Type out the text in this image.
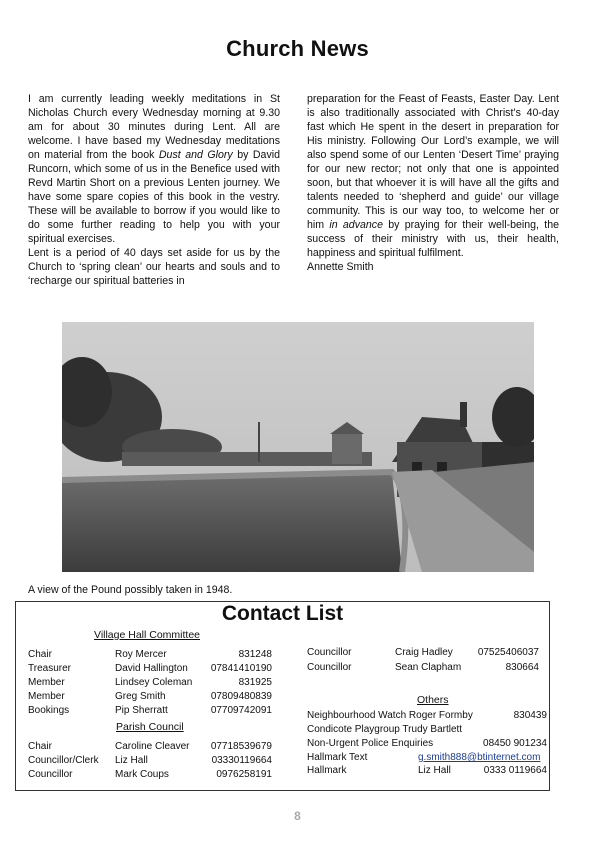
Church News

I am currently leading weekly meditations in St Nicholas Church every Wednesday morning at 9.30 am for about 30 minutes during Lent. All are welcome. I have based my Wednesday meditations on material from the book Dust and Glory by David Runcorn, which some of us in the Benefice used with Revd Martin Short on a previous Lenten journey. We have some spare copies of this book in the vestry. These will be available to borrow if you would like to do some further reading to help you with your spiritual exercises.

Lent is a period of 40 days set aside for us by the Church to ‘spring clean’ our hearts and souls and to ‘recharge our spiritual batteries in

preparation for the Feast of Feasts, Easter Day. Lent is also traditionally associated with Christ’s 40-day fast which He spent in the desert in preparation for His ministry. Following Our Lord’s example, we will also spend some of our Lenten ‘Desert Time’ praying for our new rector; not only that one is appointed soon, but that whoever it is will have all the gifts and talents needed to ‘shepherd and guide’ our village community. This is our way too, to welcome her or him in advance by praying for their well-being, the success of their ministry with us, their health, happiness and spiritual fulfilment.

Annette Smith

A view of the Pound possibly taken in 1948.
Contact List
Village Hall Committee
Chair	Roy Mercer	831248
Treasurer	David Hallington	07841410190
Member	Lindsey Coleman	831925
Member	Greg Smith	07809480839
Bookings	Pip Sherratt	07709742091
Parish Council
Chair	Caroline Cleaver	07718539679
Councillor/Clerk Liz Hall	03330119664
Councillor	Mark Coups	0976258191
Councillor	Craig Hadley	07525406037
Councillor	Sean Clapham	830664
Others
Neighbourhood Watch Roger Formby	830439
Condicote Playgroup Trudy Bartlett
Non-Urgent Police Enquiries	08450 901234
Hallmark Text	g.smith888@btinternet.com
Hallmark	Liz Hall	0333 0119664
8
